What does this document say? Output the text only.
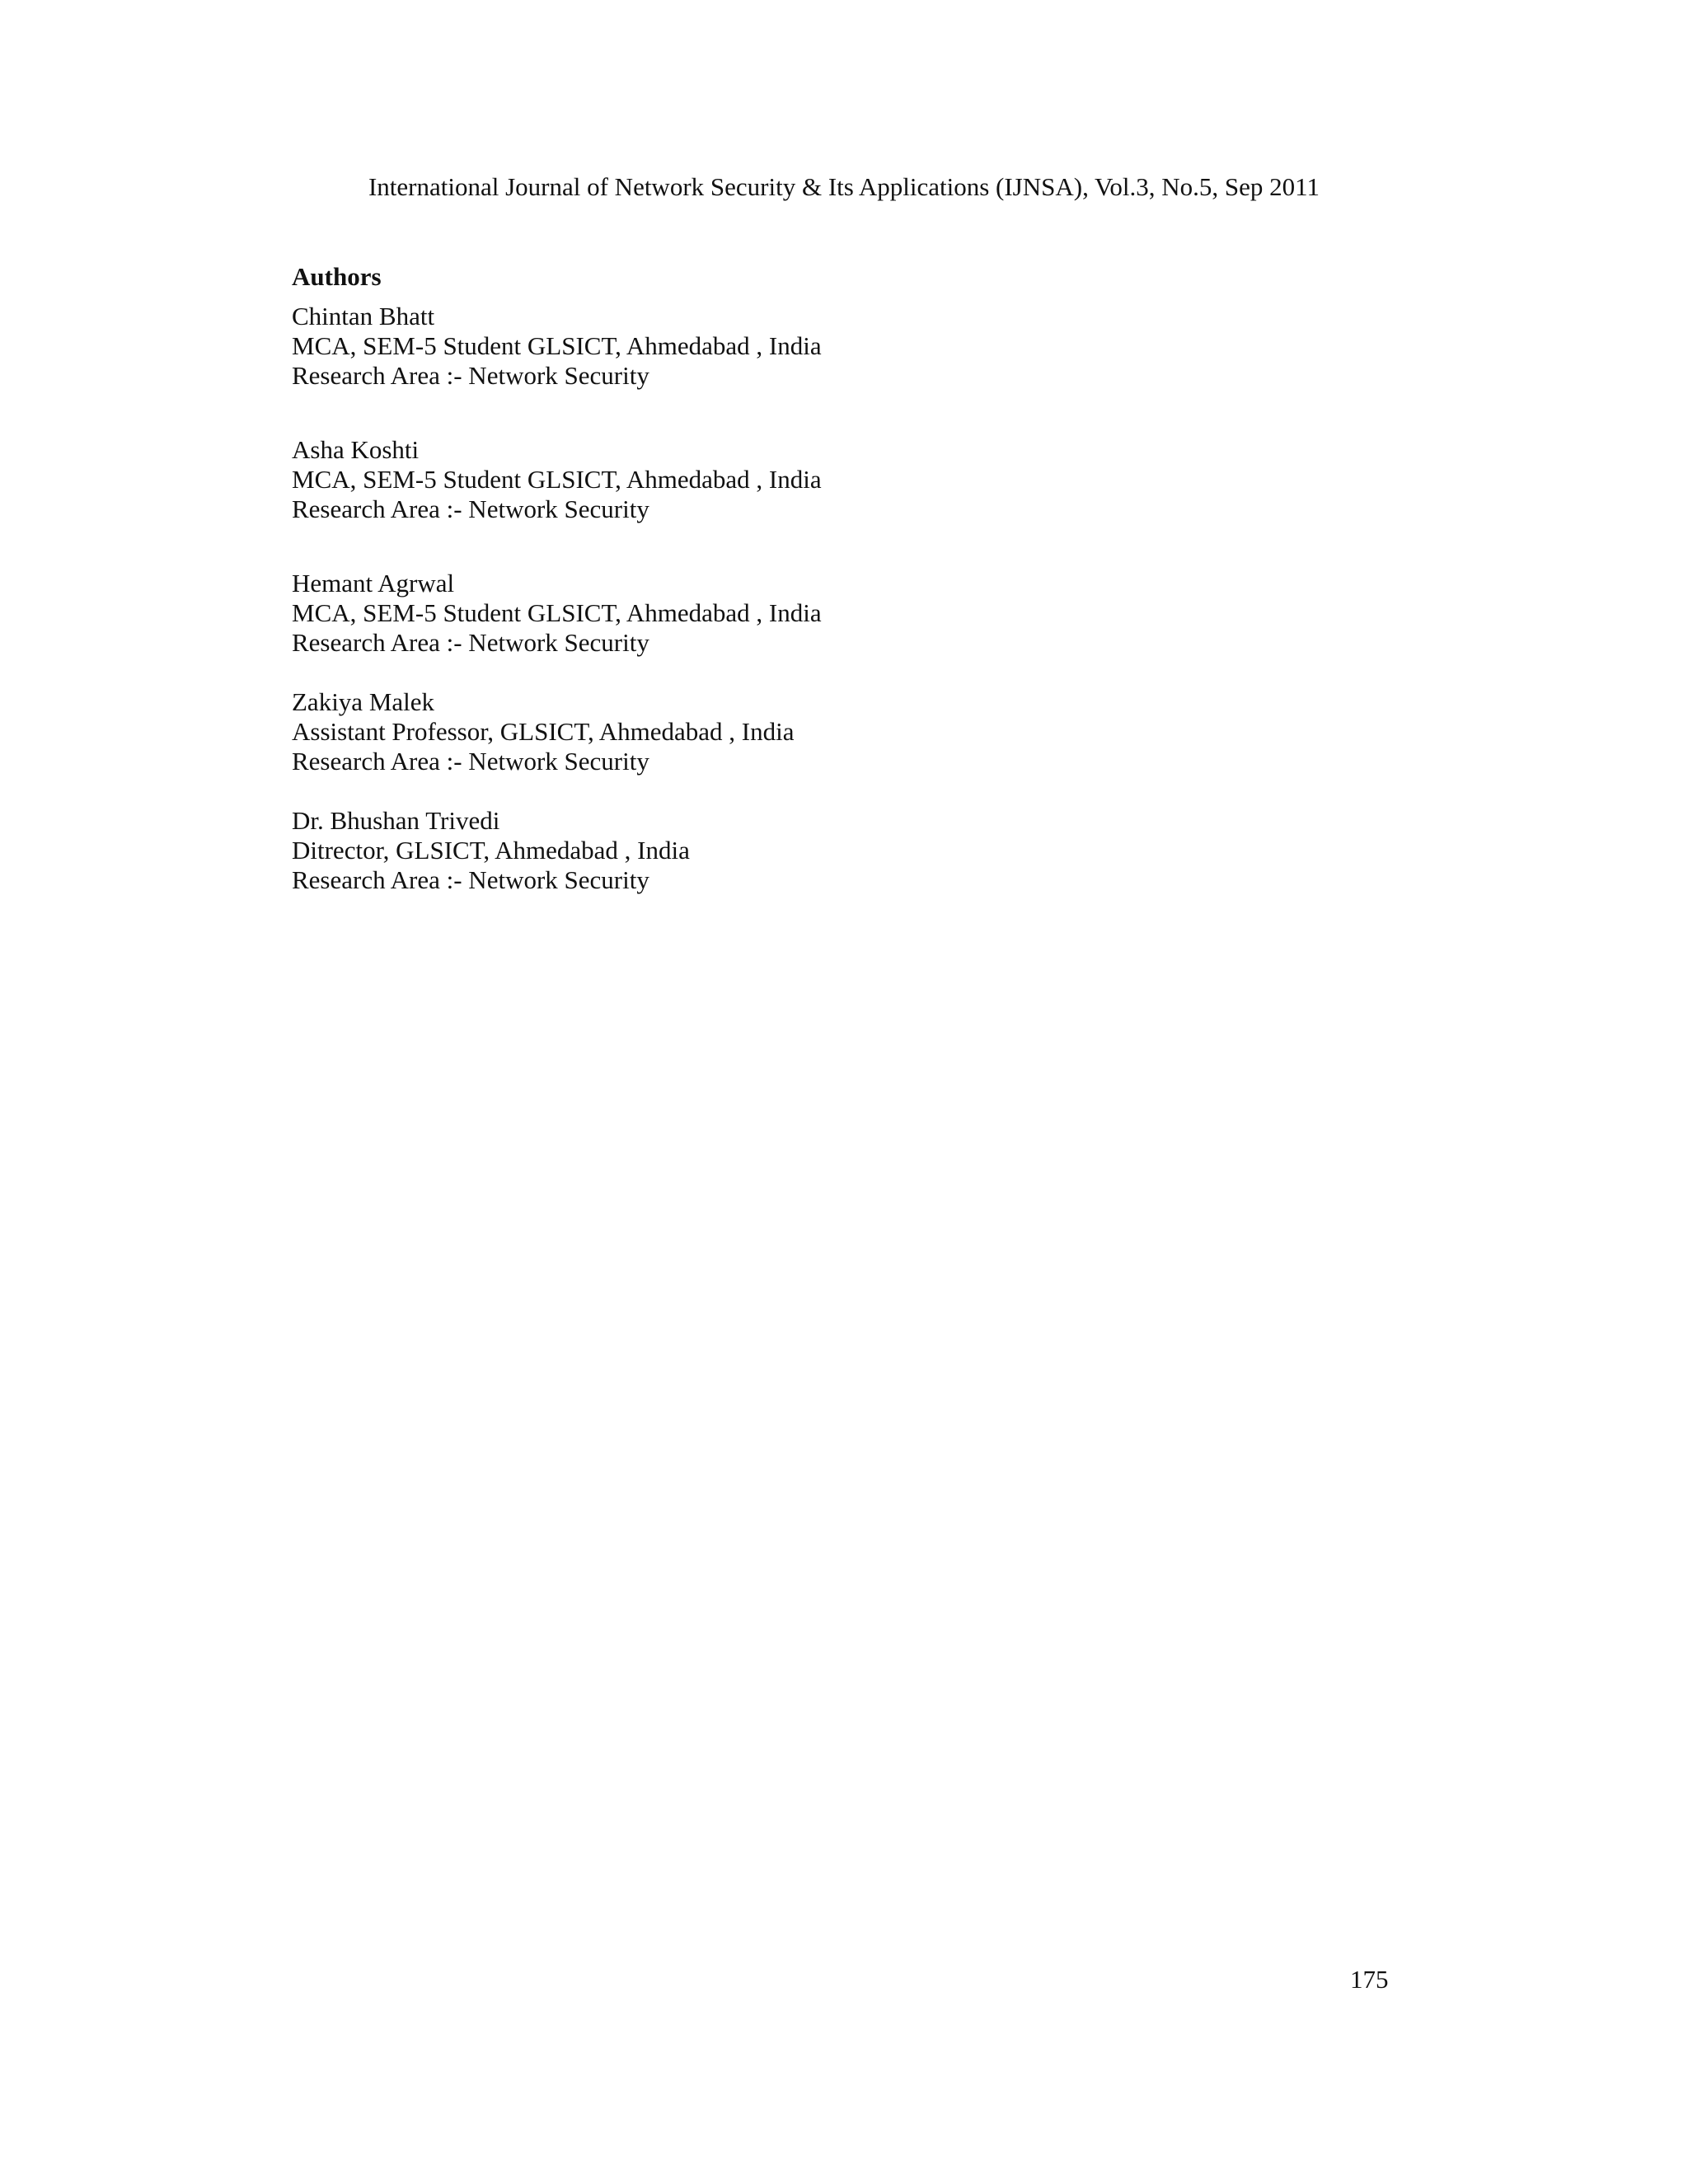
International Journal of Network Security & Its Applications (IJNSA), Vol.3, No.5, Sep 2011
Authors
Chintan Bhatt
MCA, SEM-5 Student GLSICT, Ahmedabad , India
Research Area :- Network Security
Asha Koshti
MCA, SEM-5 Student GLSICT, Ahmedabad , India
Research Area :- Network Security
Hemant Agrwal
MCA, SEM-5 Student GLSICT, Ahmedabad , India
Research Area :- Network Security
Zakiya Malek
Assistant Professor, GLSICT, Ahmedabad , India
Research Area :- Network Security
Dr. Bhushan Trivedi
Ditrector, GLSICT, Ahmedabad , India
Research Area :- Network Security
175
